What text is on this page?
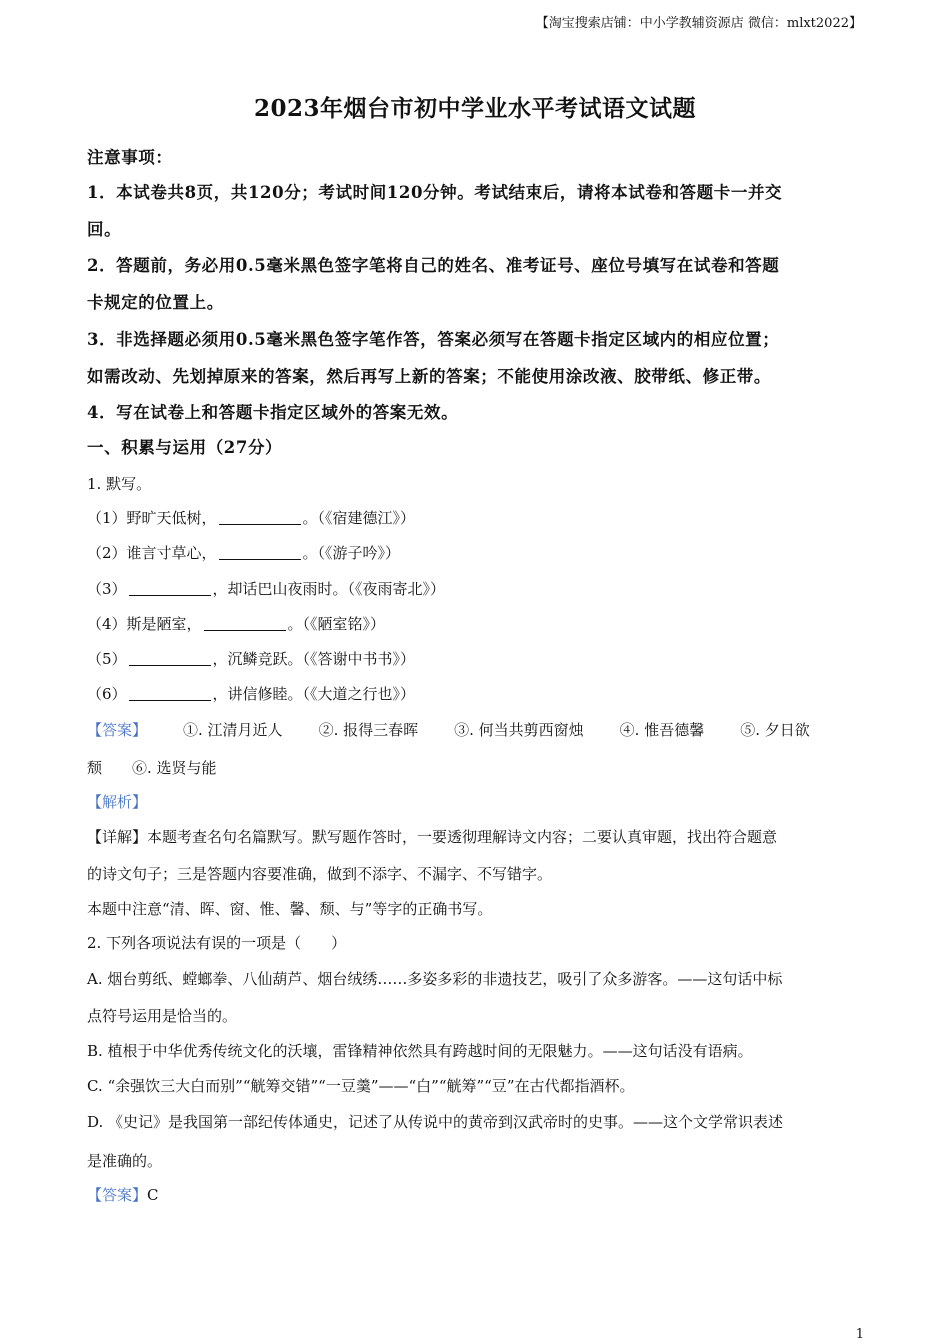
【淘宝搜索店铺：中小学教辅资源店 微信：mlxt2022】
2023年烟台市初中学业水平考试语文试题
注意事项：
1．本试卷共8页，共120分；考试时间120分钟。考试结束后，请将本试卷和答题卡一并交
回。
2．答题前，务必用0.5毫米黑色签字笔将自己的姓名、准考证号、座位号填写在试卷和答题
卡规定的位置上。
3．非选择题必须用0.5毫米黑色签字笔作答，答案必须写在答题卡指定区域内的相应位置；
如需改动、先划掉原来的答案，然后再写上新的答案；不能使用涂改液、胶带纸、修正带。
4．写在试卷上和答题卡指定区域外的答案无效。
一、积累与运用（27分）
1. 默写。
（1）野旷天低树，	。（《宿建德江》）
（2）谁言寸草心，	。（《游子吟》）
（3）	，却话巴山夜雨时。（《夜雨寄北》）
（4）斯是陋室，	。（《陋室铭》）
（5）	，沉鳞竞跃。（《答谢中书书》）
（6）	，讲信修睦。（《大道之行也》）
【答案】 ①. 江清月近人 ②. 报得三春晖 ③. 何当共剪西窗烛 ④. 惟吾德馨 ⑤. 夕日欲
颓 ⑥. 选贤与能
【解析】
【详解】本题考查名句名篇默写。默写题作答时，一要透彻理解诗文内容；二要认真审题，找出符合题意
的诗文句子；三是答题内容要准确，做到不添字、不漏字、不写错字。
本题中注意“清、晖、窗、惟、馨、颓、与”等字的正确书写。
2. 下列各项说法有误的一项是（　　）
A. 烟台剪纸、螳螂拳、八仙葫芦、烟台绒绣……多姿多彩的非遗技艺，吸引了众多游客。——这句话中标
点符号运用是恰当的。
B. 植根于中华优秀传统文化的沃壤，雷锋精神依然具有跨越时间的无限魅力。——这句话没有语病。
C. “余强饮三大白而别”“觥筹交错”“一豆羹”——“白”“觥筹”“豆”在古代都指酒杯。
D. 《史记》是我国第一部纪传体通史，记述了从传说中的黄帝到汉武帝时的史事。——这个文学常识表述
是准确的。
【答案】C
1
